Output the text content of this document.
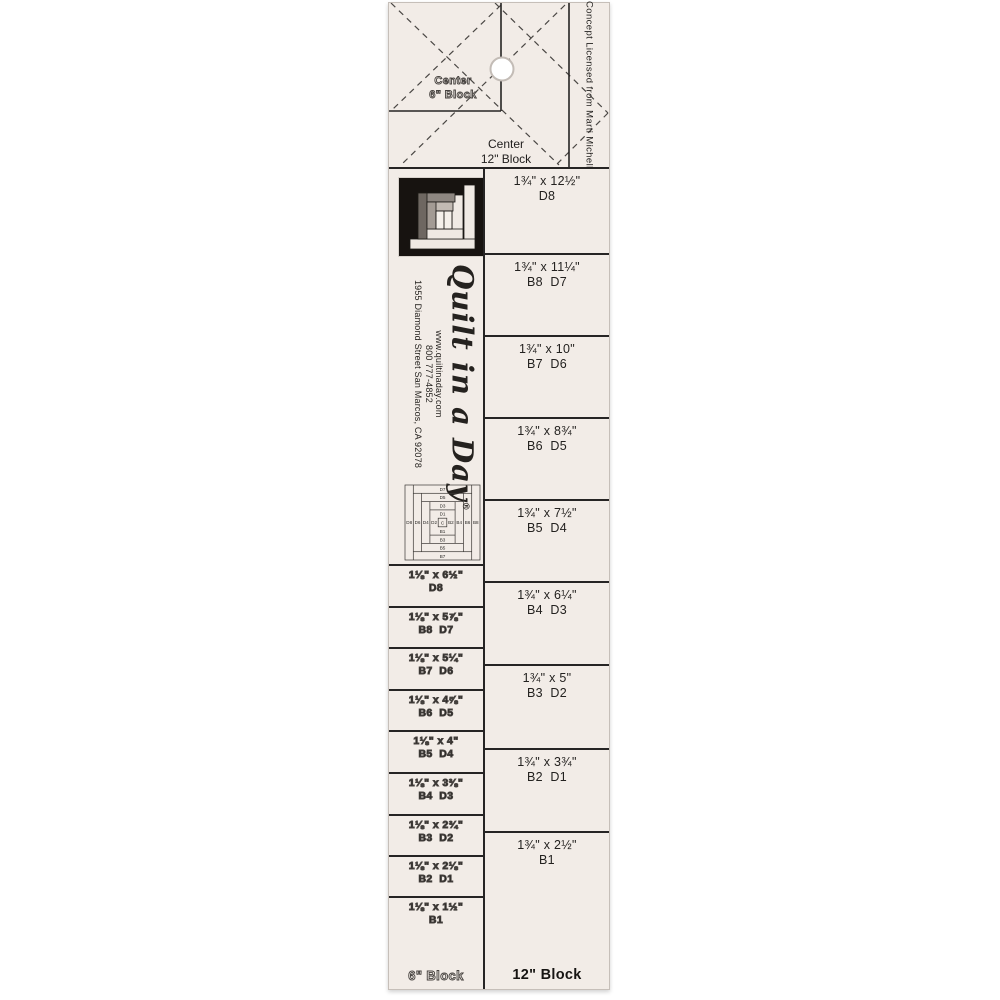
Center
6" Block
Center
12" Block	Concept Licensed from Marti Michell
Quilt in a Day®
www.quiltinaday.com
800 777-4852
1955 Diamond Street San Marcos, CA 92078
D7
D5
D3
D1
B7
B5
B3
B1
D8 D6 D4 D2 B2 B4 B6 B8
C
1¾" x 12½"
D8
1¾" x 11¼"
B8  D7
1¾" x 10"
B7  D6
1¾" x 8¾"
B6  D5
1¾" x 7½"
B5  D4
1¾" x 6¼"
B4  D3
1¾" x 5"
B3  D2
1¾" x 3¾"
B2  D1
1¾" x 2½"
B1
1⅛" x 6½"
D8
1⅛" x 5⅞"
B8  D7
1⅛" x 5¼"
B7  D6
1⅛" x 4⅝"
B6  D5
1⅛" x 4"
B5  D4
1⅛" x 3⅜"
B4  D3
1⅛" x 2¾"
B3  D2
1⅛" x 2⅛"
B2  D1
1⅛" x 1½"
B1
6" Block	12" Block
